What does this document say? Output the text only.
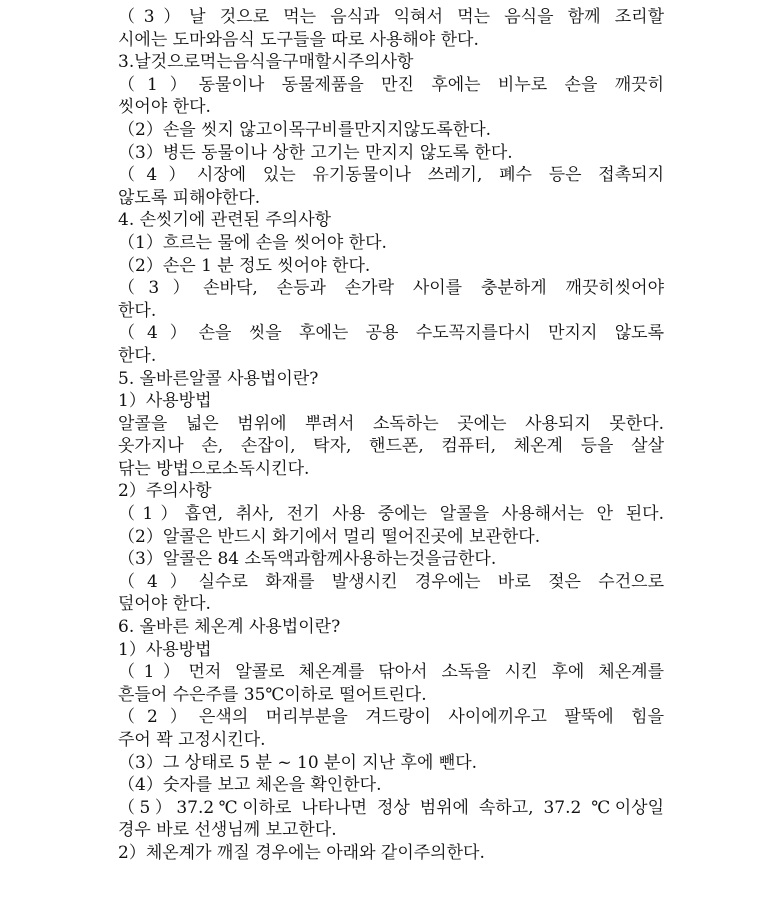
（3）날 것으로 먹는 음식과 익혀서 먹는 음식을 함께 조리할
시에는 도마와음식 도구들을 따로 사용해야 한다.
3.날것으로먹는음식을구매할시주의사항
（1）동물이나 동물제품을 만진 후에는 비누로 손을 깨끗히
씻어야 한다.
（2）손을 씻지 않고이목구비를만지지않도록한다.
（3）병든 동물이나 상한 고기는 만지지 않도록 한다.
（4）시장에 있는 유기동물이나 쓰레기, 폐수 등은 접촉되지
않도록 피해야한다.
4. 손씻기에 관련된 주의사항
（1）흐르는 물에 손을 씻어야 한다.
（2）손은 1 분 정도 씻어야 한다.
（3）손바닥, 손등과 손가락 사이를 충분하게 깨끗히씻어야
한다.
（4）손을 씻을 후에는 공용 수도꼭지를다시 만지지 않도록
한다.
5. 올바른알콜 사용법이란?
1）사용방법
알콜을 넓은 범위에 뿌려서 소독하는 곳에는 사용되지 못한다.
옷가지나 손, 손잡이, 탁자, 핸드폰, 컴퓨터, 체온계 등을 살살
닦는 방법으로소독시킨다.
2）주의사항
（1）흡연, 취사, 전기 사용 중에는 알콜을 사용해서는 안 된다.
（2）알콜은 반드시 화기에서 멀리 떨어진곳에 보관한다.
（3）알콜은 84 소독액과함께사용하는것을금한다.
（4）실수로 화재를 발생시킨 경우에는 바로 젖은 수건으로
덮어야 한다.
6. 올바른 체온계 사용법이란?
1）사용방법
（1）먼저 알콜로 체온계를 닦아서 소독을 시킨 후에 체온계를
흔들어 수은주를 35℃이하로 떨어트린다.
（2）은색의 머리부분을 겨드랑이 사이에끼우고 팔뚝에 힘을
주어 꽉 고정시킨다.
（3）그 상태로 5 분 ~ 10 분이 지난 후에 뺀다.
（4）숫자를 보고 체온을 확인한다.
（5）37.2℃이하로 나타나면 정상 범위에 속하고, 37.2 ℃이상일
경우 바로 선생님께 보고한다.
2）체온계가 깨질 경우에는 아래와 같이주의한다.
